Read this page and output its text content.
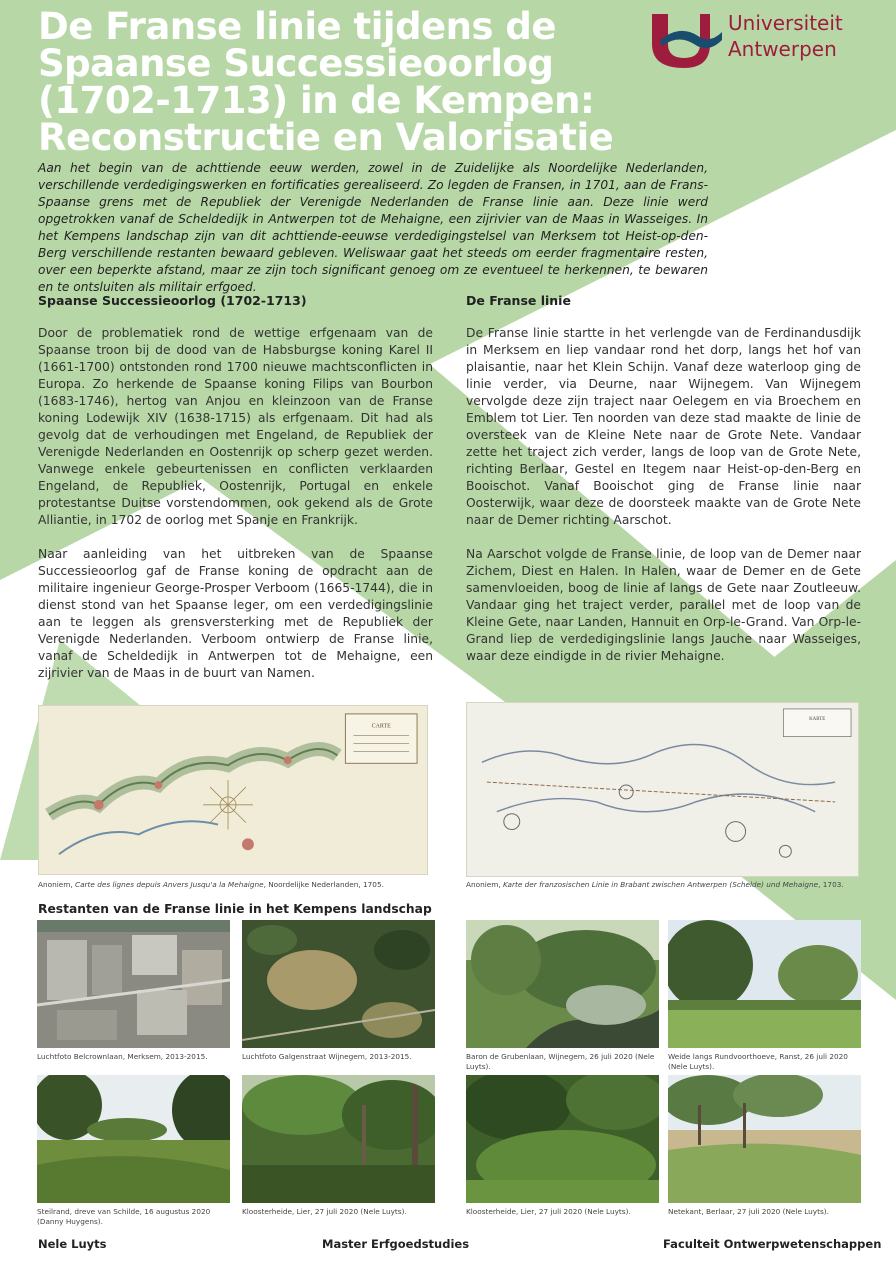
De Franse linie tijdens de
Spaanse Successieoorlog
(1702-1713) in de Kempen:
Reconstructie en Valorisatie
Universiteit
Antwerpen

Aan het begin van de achttiende eeuw werden, zowel in de Zuidelijke als Noordelijke Nederlanden, verschillende verdedigingswerken en fortificaties gerealiseerd. Zo legden de Fransen, in 1701, aan de Frans-Spaanse grens met de Republiek der Verenigde Nederlanden de Franse linie aan. Deze linie werd opgetrokken vanaf de Scheldedijk in Antwerpen tot de Mehaigne, een zijrivier van de Maas in Wasseiges. In het Kempens landschap zijn van dit achttiende-eeuwse verdedigingstelsel van Merksem tot Heist-op-den-Berg verschillende restanten bewaard gebleven. Weliswaar gaat het steeds om eerder fragmentaire resten, over een beperkte afstand, maar ze zijn toch significant genoeg om ze eventueel te herkennen, te bewaren en te ontsluiten als militair erfgoed.

Spaanse Successieoorlog (1702-1713)

Door de problematiek rond de wettige erfgenaam van de Spaanse troon bij de dood van de Habsburgse koning Karel II (1661-1700) ontstonden rond 1700 nieuwe machtsconflicten in Europa. Zo herkende de Spaanse koning Filips van Bourbon (1683-1746), hertog van Anjou en kleinzoon van de Franse koning Lodewijk XIV (1638-1715) als erfgenaam. Dit had als gevolg dat de verhoudingen met Engeland, de Republiek der Verenigde Nederlanden en Oostenrijk op scherp gezet werden. Vanwege enkele gebeurtenissen en conflicten verklaarden Engeland, de Republiek, Oostenrijk, Portugal en enkele protestantse Duitse vorstendommen, ook gekend als de Grote Alliantie, in 1702 de oorlog met Spanje en Frankrijk.

Naar aanleiding van het uitbreken van de Spaanse Successieoorlog gaf de Franse koning de opdracht aan de militaire ingenieur George-Prosper Verboom (1665-1744), die in dienst stond van het Spaanse leger, om een verdedigingslinie aan te leggen als grensversterking met de Republiek der Verenigde Nederlanden. Verboom ontwierp de Franse linie, vanaf de Scheldedijk in Antwerpen tot de Mehaigne, een zijrivier van de Maas in de buurt van Namen.

De Franse linie

De Franse linie startte in het verlengde van de Ferdinandusdijk in Merksem en liep vandaar rond het dorp, langs het hof van plaisantie, naar het Klein Schijn. Vanaf deze waterloop ging de linie verder, via Deurne, naar Wijnegem. Van Wijnegem vervolgde deze zijn traject naar Oelegem en via Broechem en Emblem tot Lier. Ten noorden van deze stad maakte de linie de oversteek van de Kleine Nete naar de Grote Nete. Vandaar zette het traject zich verder, langs de loop van de Grote Nete, richting Berlaar, Gestel en Itegem naar Heist-op-den-Berg en Booischot. Vanaf Booischot ging de Franse linie naar Oosterwijk, waar deze de doorsteek maakte van de Grote Nete naar de Demer richting Aarschot.

Na Aarschot volgde de Franse linie, de loop van de Demer naar Zichem, Diest en Halen. In Halen, waar de Demer en de Gete samenvloeiden, boog de linie af langs de Gete naar Zoutleeuw. Vandaar ging het traject verder, parallel met de loop van de Kleine Gete, naar Landen, Hannuit en Orp-le-Grand. Van Orp-le-Grand liep de verdedigingslinie langs Jauche naar Wasseiges, waar deze eindigde in de rivier Mehaigne.

CARTE
Anoniem, Carte des lignes depuis Anvers Jusqu'a la Mehaigne, Noordelijke Nederlanden, 1705.
KARTE
Anoniem, Karte der franzosischen Linie in Brabant zwischen Antwerpen (Schelde) und Mehaigne, 1703.
Restanten van de Franse linie in het Kempens landschap
Luchtfoto Belcrownlaan, Merksem, 2013-2015.	Luchtfoto Galgenstraat Wijnegem, 2013-2015.	Baron de Grubenlaan, Wijnegem, 26 juli 2020 (Nele Luyts).
Weide langs Rundvoorthoeve, Ranst, 26 juli 2020 (Nele Luyts).
Steilrand, dreve van Schilde, 16 augustus 2020 (Danny Huygens).
Kloosterheide, Lier, 27 juli 2020 (Nele Luyts).	Kloosterheide, Lier, 27 juli 2020 (Nele Luyts).	Netekant, Berlaar, 27 juli 2020 (Nele Luyts).
Nele Luyts	Master Erfgoedstudies	Faculteit Ontwerpwetenschappen
